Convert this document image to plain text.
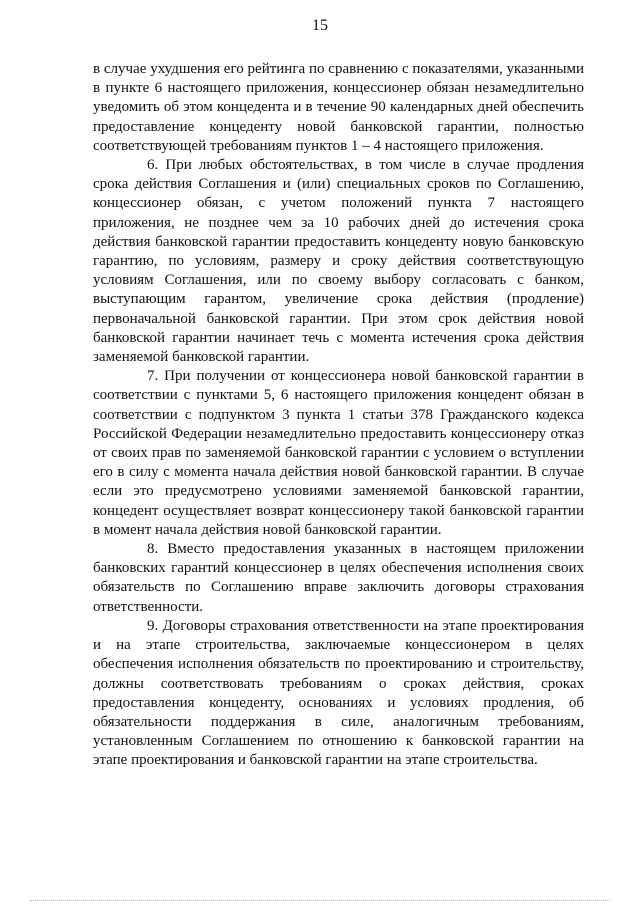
15

в случае ухудшения его рейтинга по сравнению с показателями, указанными в пункте 6 настоящего приложения, концессионер обязан незамедлительно уведомить об этом концедента и в течение 90 календарных дней обеспечить предоставление концеденту новой банковской гарантии, полностью соответствующей требованиям пунктов 1 – 4 настоящего приложения.

6. При любых обстоятельствах, в том числе в случае продления срока действия Соглашения и (или) специальных сроков по Соглашению, концессионер обязан, с учетом положений пункта 7 настоящего приложения, не позднее чем за 10 рабочих дней до истечения срока действия банковской гарантии предоставить концеденту новую банковскую гарантию, по условиям, размеру и сроку действия соответствующую условиям Соглашения, или по своему выбору согласовать с банком, выступающим гарантом, увеличение срока действия (продление) первоначальной банковской гарантии. При этом срок действия новой банковской гарантии начинает течь с момента истечения срока действия заменяемой банковской гарантии.

7. При получении от концессионера новой банковской гарантии в соответствии с пунктами 5, 6 настоящего приложения концедент обязан в соответствии с подпунктом 3 пункта 1 статьи 378 Гражданского кодекса Российской Федерации незамедлительно предоставить концессионеру отказ от своих прав по заменяемой банковской гарантии с условием о вступлении его в силу с момента начала действия новой банковской гарантии. В случае если это предусмотрено условиями заменяемой банковской гарантии, концедент осуществляет возврат концессионеру такой банковской гарантии в момент начала действия новой банковской гарантии.

8. Вместо предоставления указанных в настоящем приложении банковских гарантий концессионер в целях обеспечения исполнения своих обязательств по Соглашению вправе заключить договоры страхования ответственности.

9. Договоры страхования ответственности на этапе проектирования и на этапе строительства, заключаемые концессионером в целях обеспечения исполнения обязательств по проектированию и строительству, должны соответствовать требованиям о сроках действия, сроках предоставления концеденту, основаниях и условиях продления, об обязательности поддержания в силе, аналогичным требованиям, установленным Соглашением по отношению к банковской гарантии на этапе проектирования и банковской гарантии на этапе строительства.
